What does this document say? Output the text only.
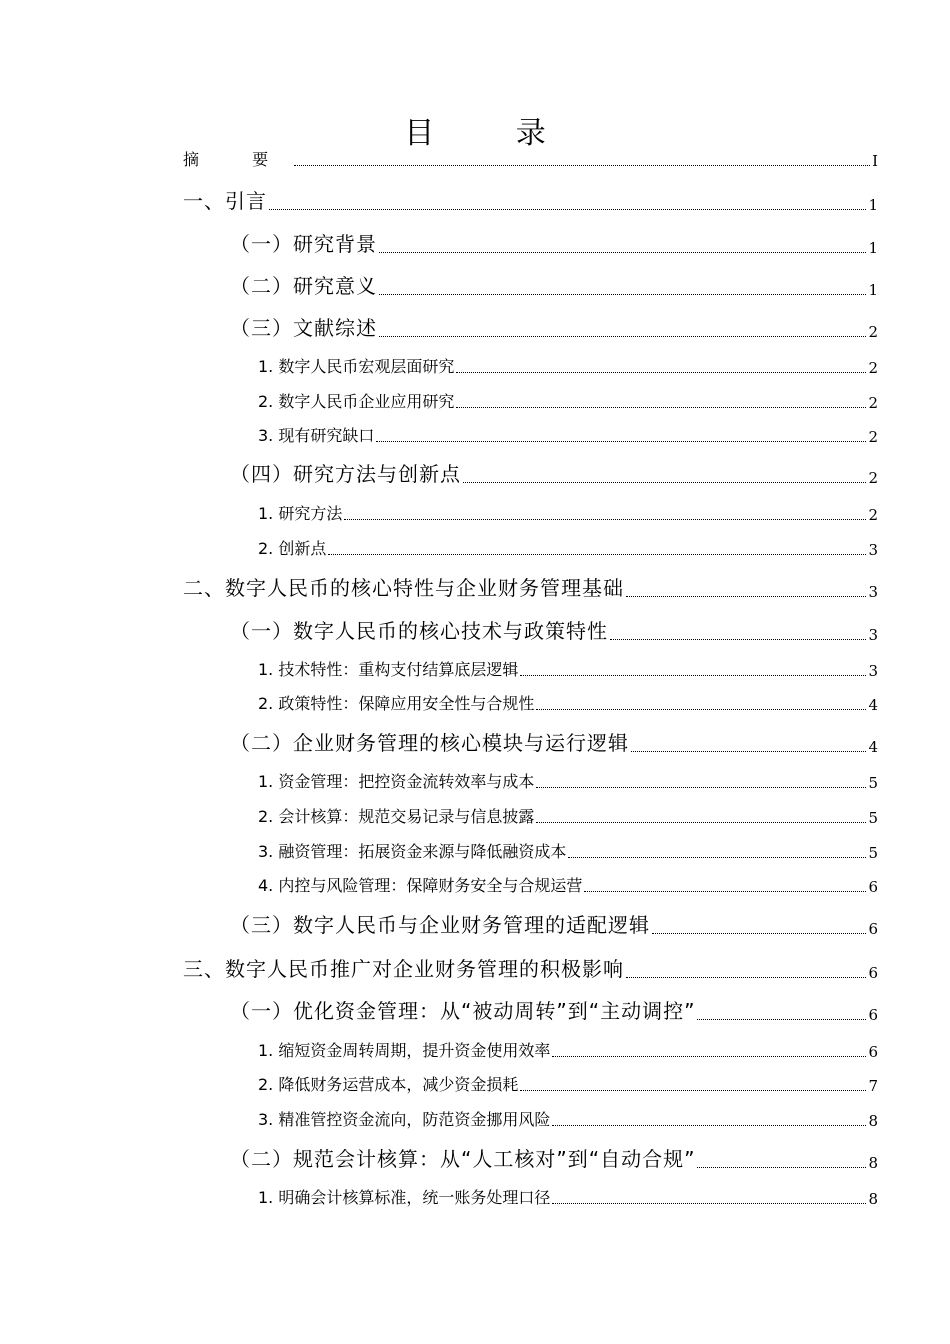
目 录
摘 要	I
一、引言	1
（一）研究背景	1
（二）研究意义	1
（三）文献综述	2
1. 数字人民币宏观层面研究	2
2. 数字人民币企业应用研究	2
3. 现有研究缺口	2
（四）研究方法与创新点	2
1. 研究方法	2
2. 创新点	3
二、数字人民币的核心特性与企业财务管理基础	3
（一）数字人民币的核心技术与政策特性	3
1. 技术特性：重构支付结算底层逻辑	3
2. 政策特性：保障应用安全性与合规性	4
（二）企业财务管理的核心模块与运行逻辑	4
1. 资金管理：把控资金流转效率与成本	5
2. 会计核算：规范交易记录与信息披露	5
3. 融资管理：拓展资金来源与降低融资成本	5
4. 内控与风险管理：保障财务安全与合规运营	6
（三）数字人民币与企业财务管理的适配逻辑	6
三、数字人民币推广对企业财务管理的积极影响	6
（一）优化资金管理：从“被动周转”到“主动调控”	6
1. 缩短资金周转周期，提升资金使用效率	6
2. 降低财务运营成本，减少资金损耗	7
3. 精准管控资金流向，防范资金挪用风险	8
（二）规范会计核算：从“人工核对”到“自动合规”	8
1. 明确会计核算标准，统一账务处理口径	8
